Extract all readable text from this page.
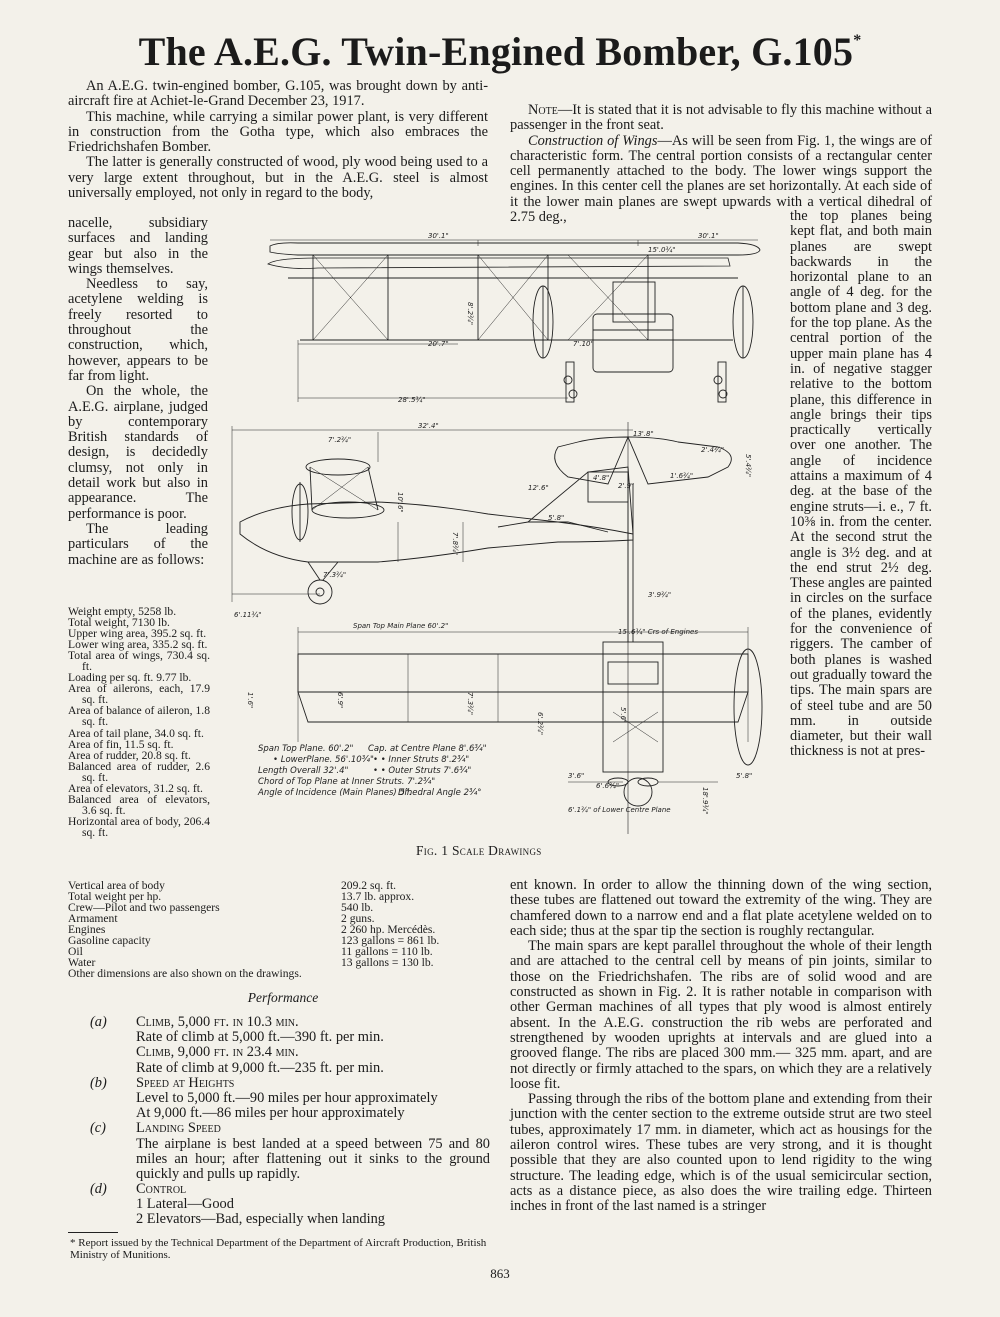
The A.E.G. Twin-Engined Bomber, G.105*

An A.E.G. twin-engined bomber, G.105, was brought down by anti-aircraft fire at Achiet-le-Grand December 23, 1917.

This machine, while carrying a similar power plant, is very different in construction from the Gotha type, which also embraces the Friedrichshafen Bomber.

The latter is generally constructed of wood, ply wood being used to a very large extent throughout, but in the A.E.G. steel is almost universally employed, not only in regard to the body,

nacelle, subsidiary surfaces and landing gear but also in the wings themselves.

Needless to say, acetylene welding is freely resorted to throughout the construction, which, however, appears to be far from light.

On the whole, the A.E.G. airplane, judged by contemporary British standards of design, is decidedly clumsy, not only in detail work but also in appearance. The performance is poor.

The leading particulars of the machine are as follows:

Weight empty, 5258 lb.
Total weight, 7130 lb.
Upper wing area, 395.2 sq. ft.
Lower wing area, 335.2 sq. ft.
Total area of wings, 730.4 sq. ft.
Loading per sq. ft. 9.77 lb.
Area of ailerons, each, 17.9 sq. ft.
Area of balance of aileron, 1.8 sq. ft.
Area of tail plane, 34.0 sq. ft.
Area of fin, 11.5 sq. ft.
Area of rudder, 20.8 sq. ft.
Balanced area of rudder, 2.6 sq. ft.
Area of elevators, 31.2 sq. ft.
Balanced area of elevators, 3.6 sq. ft.
Horizontal area of body, 206.4 sq. ft.
Vertical area of body	209.2 sq. ft.
Total weight per hp.	13.7 lb. approx.
Crew—Pilot and two passengers	540 lb.
Armament	2 guns.
Engines	2 260 hp. Mercédès.
Gasoline capacity	123 gallons = 861 lb.
Oil	11 gallons = 110 lb.
Water	13 gallons = 130 lb.
Other dimensions are also shown on the drawings.
Performance
(a) Climb, 5,000 ft. in 10.3 min.
Rate of climb at 5,000 ft.—390 ft. per min.
Climb, 9,000 ft. in 23.4 min.
Rate of climb at 9,000 ft.—235 ft. per min.
(b) Speed at Heights
Level to 5,000 ft.—90 miles per hour approximately
At 9,000 ft.—86 miles per hour approximately
(c) Landing Speed
The airplane is best landed at a speed between 75 and 80 miles an hour; after flattening out it sinks to the ground quickly and pulls up rapidly.
(d) Control
1 Lateral—Good
2 Elevators—Bad, especially when landing
* Report issued by the Technical Department of the Department of Aircraft Production, British Ministry of Munitions.

Note—It is stated that it is not advisable to fly this machine without a passenger in the front seat.

Construction of Wings—As will be seen from Fig. 1, the wings are of characteristic form. The central portion consists of a rectangular center cell permanently attached to the body. The lower wings support the engines. In this center cell the planes are set horizontally. At each side of it the lower main planes are swept upwards with a vertical dihedral of 2.75 deg.,	the top planes being kept flat, and both main planes are swept backwards in the horizontal plane to an angle of 4 deg. for the bottom plane and 3 deg. for the top plane. As the central portion of the upper main plane has 4 in. of negative stagger relative to the bottom plane, this difference in angle brings their tips practically vertically over one another. The angle of incidence attains a maximum of 4 deg. at the base of the engine struts—i. e., 7 ft. 10⅜ in. from the center. At the second strut the angle is 3½ deg. and at the end strut 2½ deg. These angles are painted in circles on the surface of the planes, evidently for the convenience of riggers. The camber of both planes is washed out gradually toward the tips. The main spars are of steel tube and are 50 mm. in outside diameter, but their wall thickness is not at pres-

ent known. In order to allow the thinning down of the wing section, these tubes are flattened out toward the extremity of the wing. They are chamfered down to a narrow end and a flat plate acetylene welded on to each side; thus at the spar tip the section is roughly rectangular.

The main spars are kept parallel throughout the whole of their length and are attached to the central cell by means of pin joints, similar to those on the Friedrichshafen. The ribs are of solid wood and are constructed as shown in Fig. 2. It is rather notable in comparison with other German machines of all types that ply wood is almost entirely absent. In the A.E.G. construction the rib webs are perforated and strengthened by wooden uprights at intervals and are glued into a grooved flange. The ribs are placed 300 mm.— 325 mm. apart, and are not directly or firmly attached to the spars, on which they are a relatively loose fit.

Passing through the ribs of the bottom plane and extending from their junction with the center section to the extreme outside strut are two steel tubes, approximately 17 mm. in diameter, which act as housings for the aileron control wires. These tubes are very strong, and it is thought possible that they are also counted upon to lend rigidity to the wing structure. The leading edge, which is of the usual semicircular section, acts as a distance piece, as also does the wire trailing edge. Thirteen inches in front of the last named is a stringer

30'.1"	30'.1"
15'.0¾"
20'.7"	7'.10"
28'.5¾"
8'.2¾"
32'.4"
7'.2¾"
10'.6"
7'.8¾"
4'.8"
2'.9"
5'.8"
2'.4¾"
5'.4¾"
7'.3¾"
6'.11¾"
12'.6"
1'.6¾"
Span Top Main Plane 60'.2"
15'.6¾" Crs of Engines
6'.9"	7'.3¾"
6'.2¾"
3'.6"
6'.6¾"
5'.8"
13'.8"
3'.9¾"
6'.1¾" of Lower Centre Plane
1'.6"
5'.6"
18'.9¾"
Span Top Plane. 60'.2"
• LowerPlane. 56'.10¾"
Length Overall 32'.4"
Chord of Top Plane at Inner Struts. 7'.2¾"
Angle of Incidence (Main Planes) 5°.
Cap. at Centre Plane 8'.6¾"
• • Inner Struts 8'.2¾"
• • Outer Struts 7'.6¾"
Dihedral Angle 2¾°
Fig. 1 Scale Drawings
863
